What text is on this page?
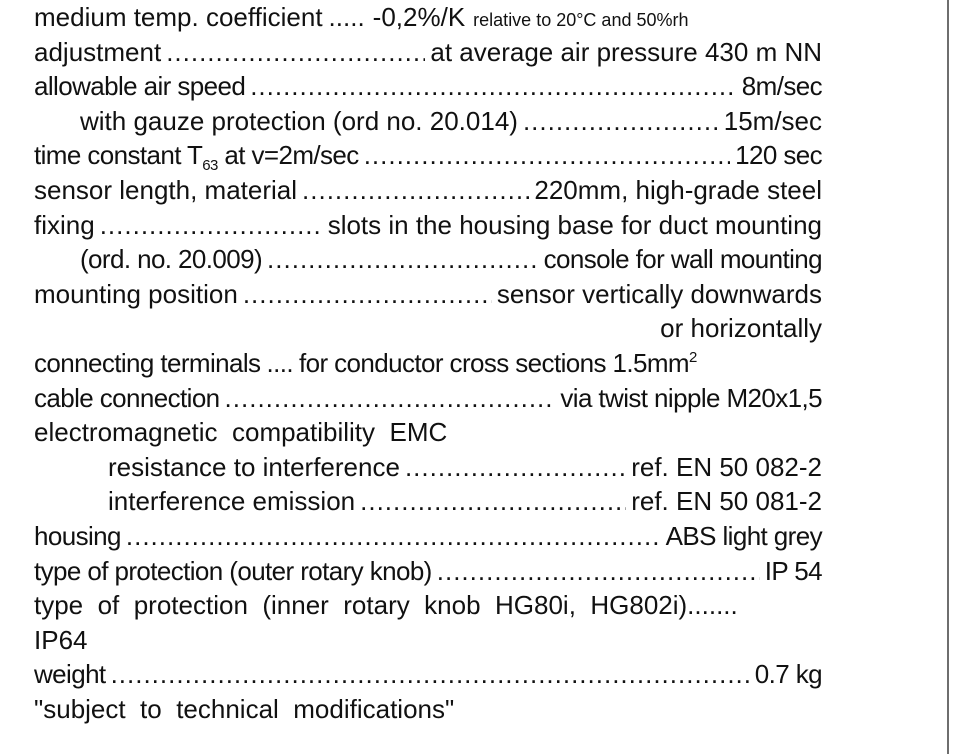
medium temp. coefficient ..... -0,2%/K relative to 20°C and 50%rh
adjustment .....	at average air pressure 430 m NN
allowable air speed .....	8m/sec
with gauze protection (ord no. 20.014) .....	15m/sec
time constant $T_{63}$ at v=2m/sec .....	120 sec
sensor length, material .....	220mm, high-grade steel
fixing .....	slots in the housing base for duct mounting
(ord. no. 20.009) .....	console for wall mounting
mounting position .....	sensor vertically downwards
or horizontally
connecting terminals .... for conductor cross sections $1.5mm^2$
cable connection .....	via twist nipple M20x1,5
electromagnetic  compatibility  EMC
resistance to interference .....	ref. EN 50 082-2
interference emission .....	ref. EN 50 081-2
housing .....	ABS light grey
type of protection (outer rotary knob) .....	IP 54
type  of  protection  (inner  rotary  knob  HG80i,  HG802i).......
IP64
weight .....	0.7 kg
"subject  to  technical  modifications"
